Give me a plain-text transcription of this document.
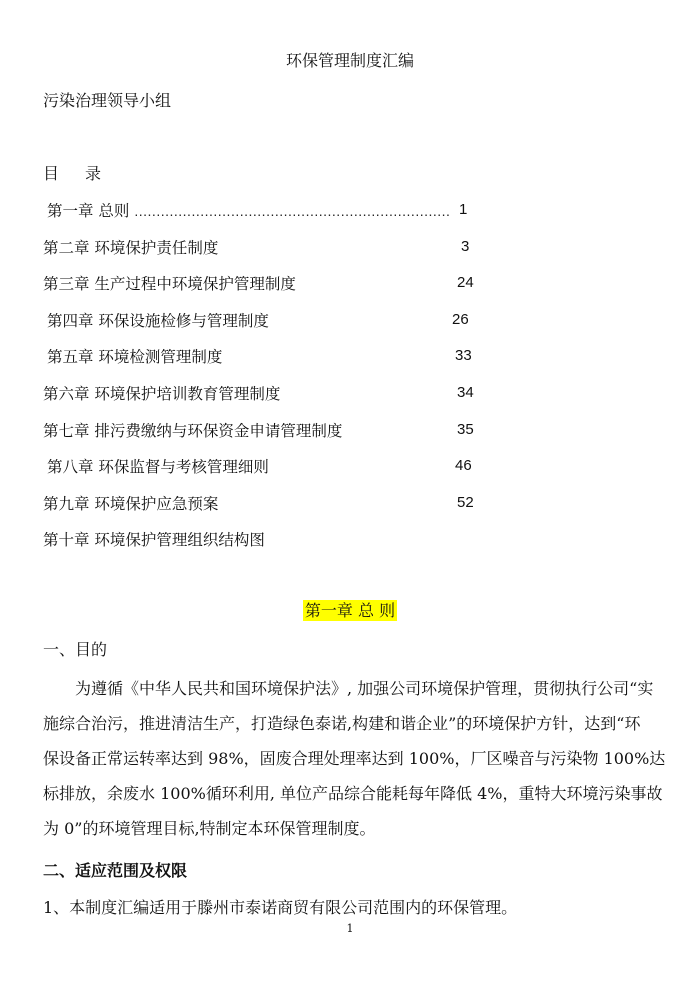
环保管理制度汇编
污染治理领导小组
目 录
第一章 总则 ........................................................................ 1
第二章 环境保护责任制度	3
第三章 生产过程中环境保护管理制度	24
第四章 环保设施检修与管理制度	26
第五章 环境检测管理制度	33
第六章 环境保护培训教育管理制度	34
第七章 排污费缴纳与环保资金申请管理制度	35
第八章 环保监督与考核管理细则	46
第九章 环境保护应急预案	52
第十章 环境保护管理组织结构图
第一章 总 则
一、目的
为遵循《中华人民共和国环境保护法》, 加强公司环境保护管理，贯彻执行公司“实
施综合治污，推进清洁生产，打造绿色泰诺,构建和谐企业”的环境保护方针，达到“环
保设备正常运转率达到 98%，固废合理处理率达到 100%，厂区噪音与污染物 100%达
标排放，余废水 100%循环利用, 单位产品综合能耗每年降低 4%，重特大环境污染事故
为 0”的环境管理目标,特制定本环保管理制度。
二、适应范围及权限
1、本制度汇编适用于滕州市泰诺商贸有限公司范围内的环保管理。
1
